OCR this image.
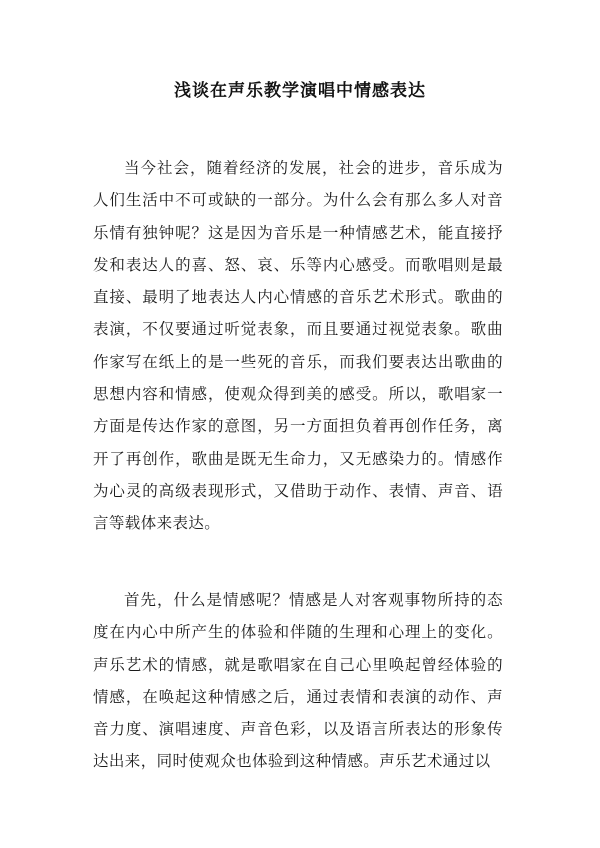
浅谈在声乐教学演唱中情感表达

当今社会，随着经济的发展，社会的进步，音乐成为人们生活中不可或缺的一部分。为什么会有那么多人对音乐情有独钟呢？这是因为音乐是一种情感艺术，能直接抒发和表达人的喜、怒、哀、乐等内心感受。而歌唱则是最直接、最明了地表达人内心情感的音乐艺术形式。歌曲的表演，不仅要通过听觉表象，而且要通过视觉表象。歌曲作家写在纸上的是一些死的音乐，而我们要表达出歌曲的思想内容和情感，使观众得到美的感受。所以，歌唱家一方面是传达作家的意图，另一方面担负着再创作任务，离开了再创作，歌曲是既无生命力，又无感染力的。情感作为心灵的高级表现形式，又借助于动作、表情、声音、语言等载体来表达。

首先，什么是情感呢？情感是人对客观事物所持的态度在内心中所产生的体验和伴随的生理和心理上的变化。声乐艺术的情感，就是歌唱家在自己心里唤起曾经体验的情感，在唤起这种情感之后，通过表情和表演的动作、声音力度、演唱速度、声音色彩，以及语言所表达的形象传达出来，同时使观众也体验到这种情感。声乐艺术通过以
